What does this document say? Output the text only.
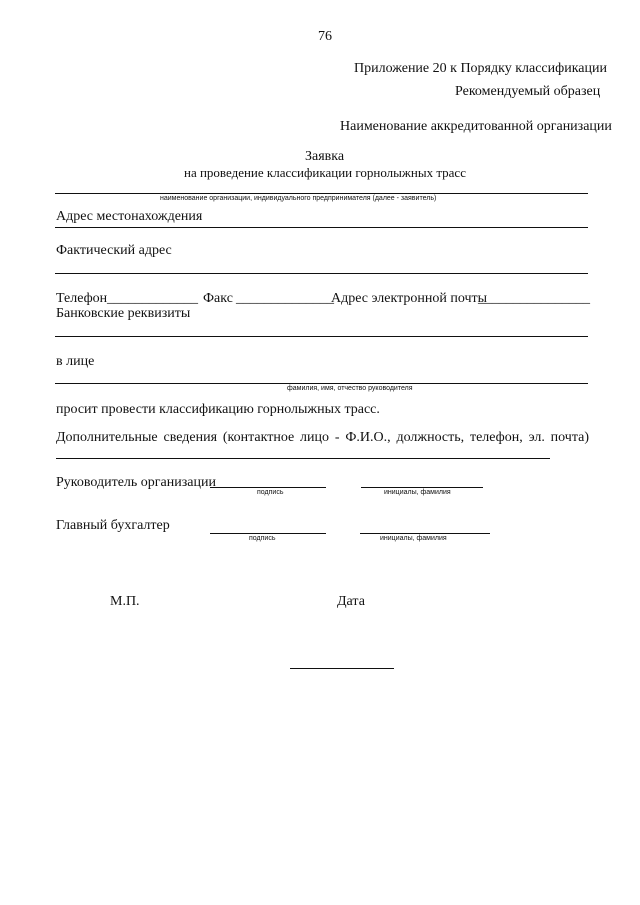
76
Приложение 20 к Порядку классификации
Рекомендуемый образец
Наименование аккредитованной организации
Заявка
на проведение классификации горнолыжных трасс
наименование организации, индивидуального предпринимателя (далее - заявитель)
Адрес местонахождения
Фактический адрес
Телефон _____________ Факс ______________
Адрес электронной почты
________________
Банковские реквизиты
в лице
фамилия, имя, отчество руководителя
просит провести классификацию горнолыжных трасс.
Дополнительные сведения (контактное лицо - Ф.И.О., должность, телефон, эл. почта)
Руководитель организации
подпись	инициалы, фамилия
Главный бухгалтер
подпись	инициалы, фамилия
М.П.	Дата
